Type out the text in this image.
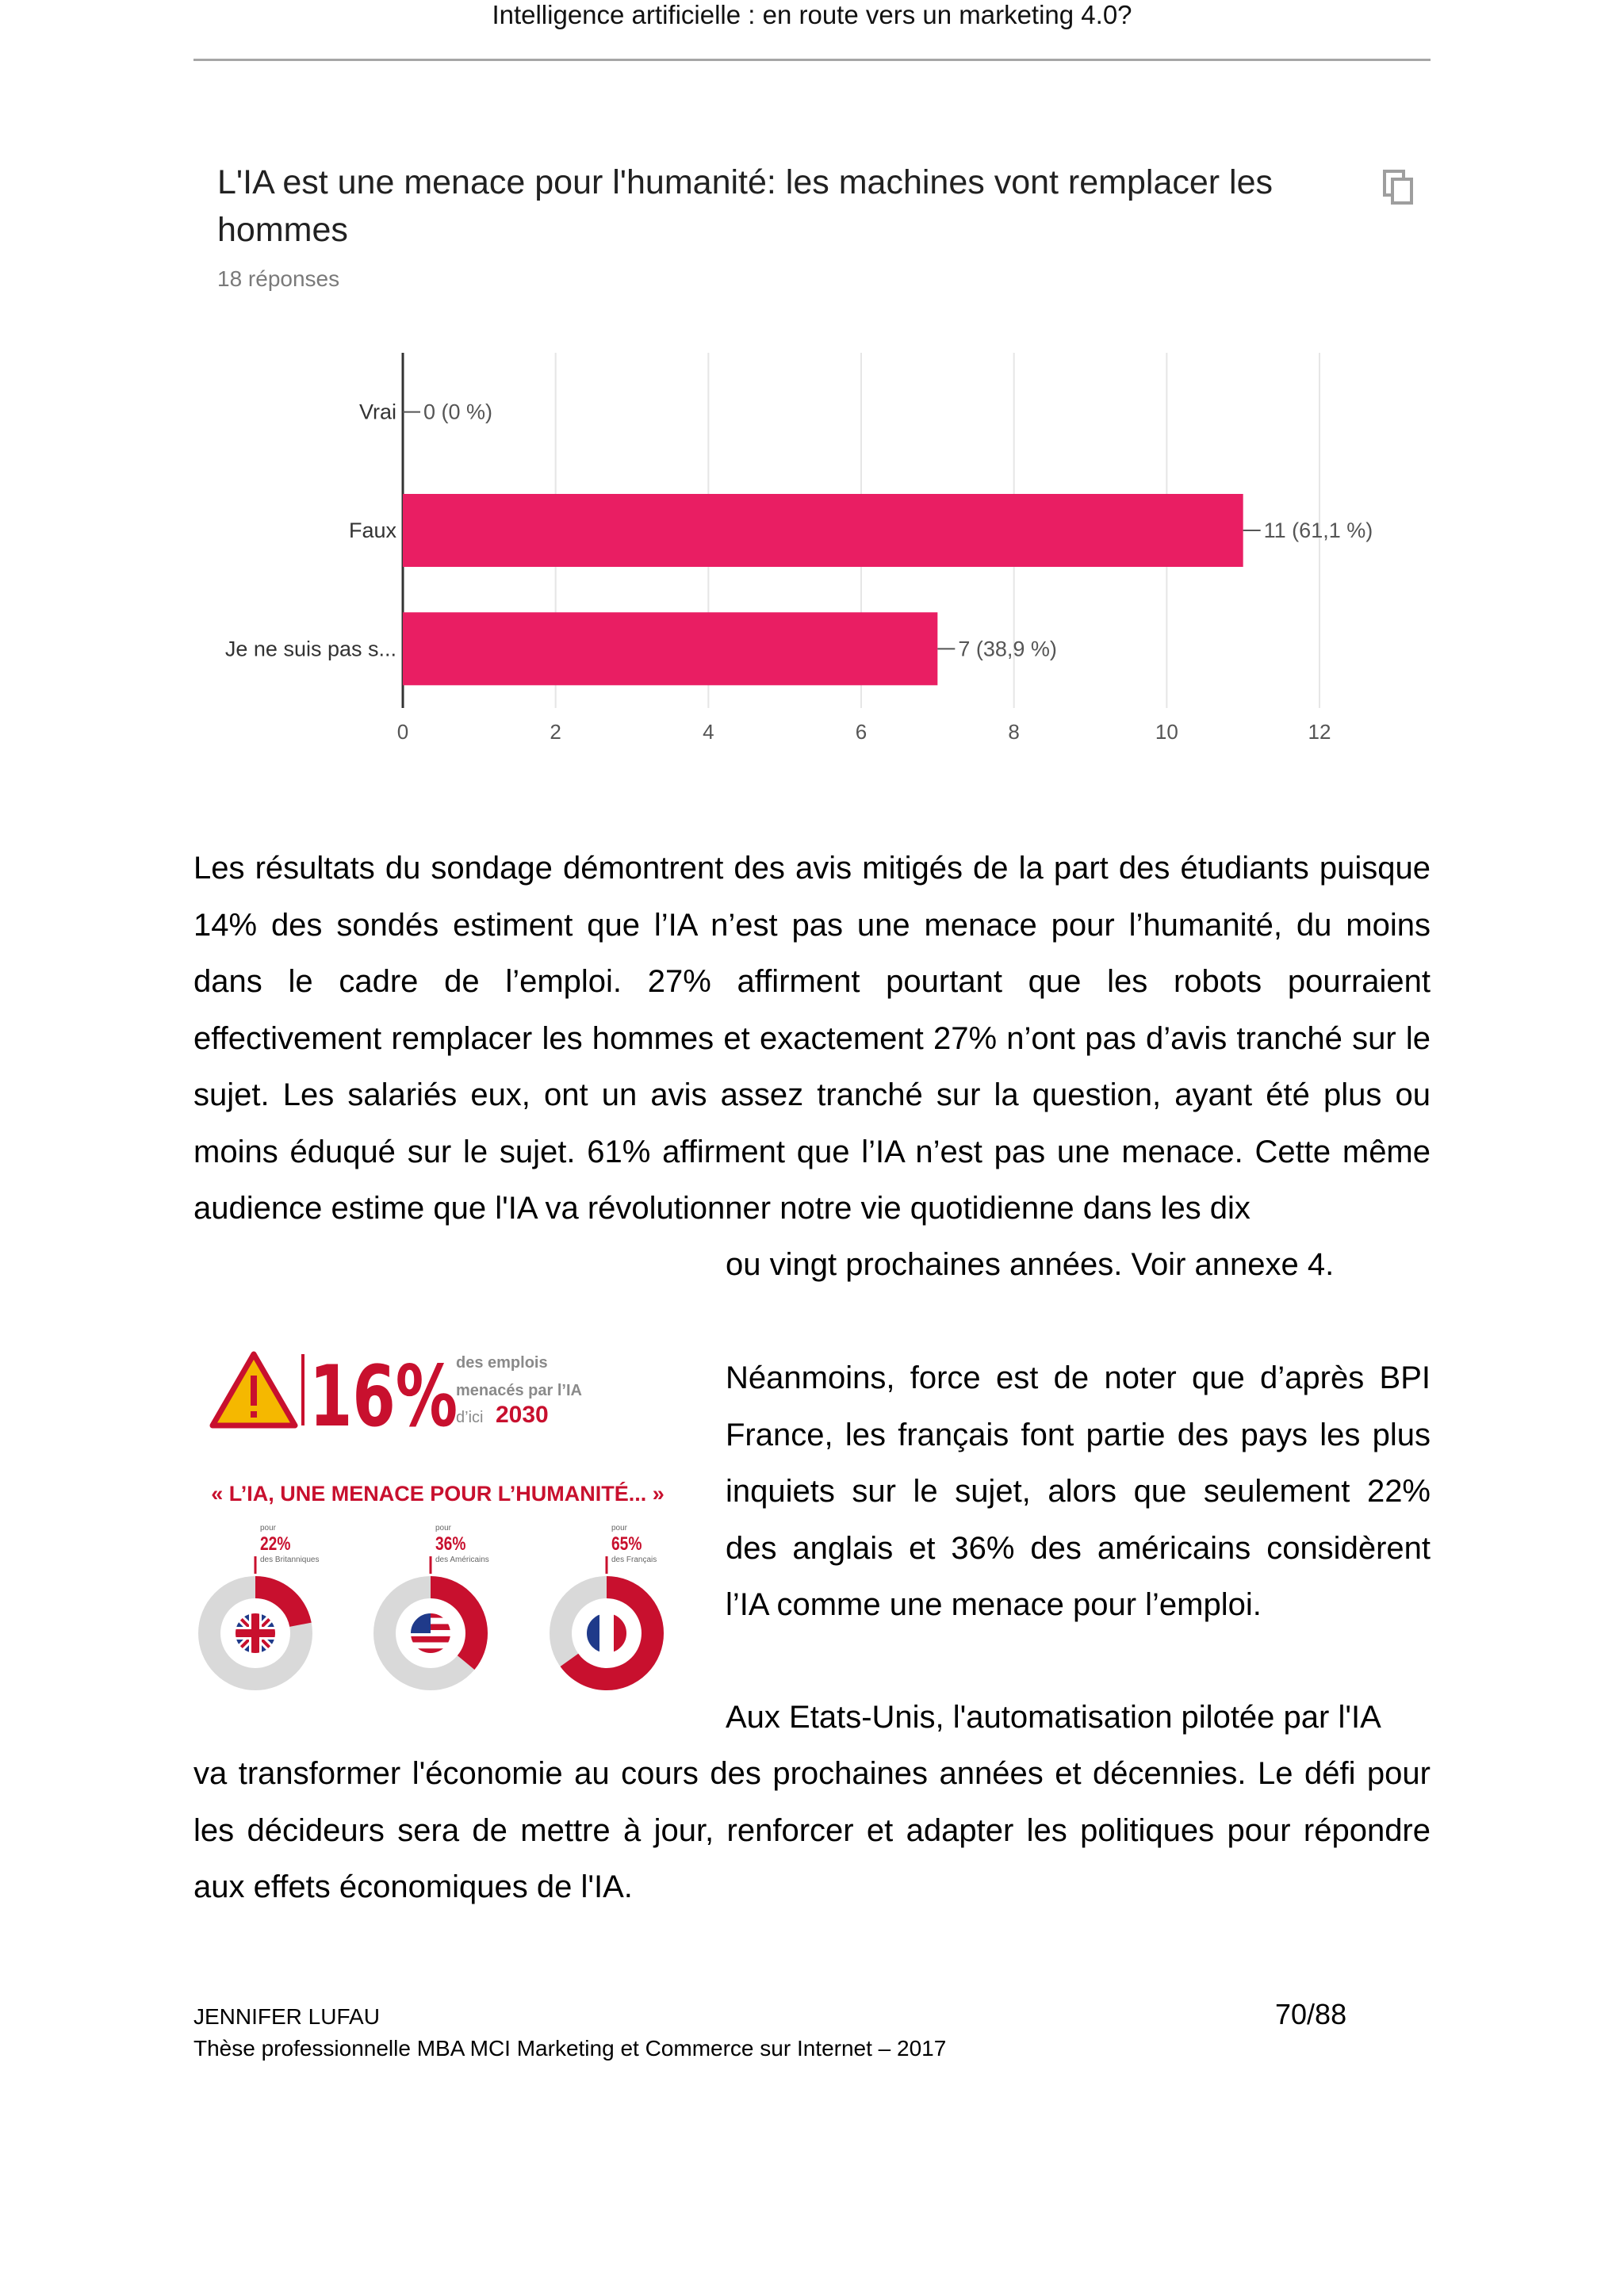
Intelligence artificielle : en route vers un marketing 4.0?
L'IA est une menace pour l'humanité: les machines vont remplacer les hommes
18 réponses
0	2	4	6	8	10	12
Vrai 0 (0 %)
Faux	11 (61,1 %)
Je ne suis pas s...	7 (38,9 %)

Les résultats du sondage démontrent des avis mitigés de la part des étudiants puisque 14% des sondés estiment que l’IA n’est pas une menace pour l’humanité, du moins dans le cadre de l’emploi. 27% affirment pourtant que les robots pourraient effectivement remplacer les hommes et exactement 27% n’ont pas d’avis tranché sur le sujet. Les salariés eux, ont un avis assez tranché sur la question, ayant été plus ou moins éduqué sur le sujet. 61% affirment que l’IA n’est pas une menace. Cette même audience estime que l'IA va révolutionner notre vie quotidienne dans les dix

ou vingt prochaines années. Voir annexe 4.

16%
des emplois
menacés par l’IA
d’ici 2030
« L’IA, UNE MENACE POUR L’HUMANITÉ... »
pour
22%
des Britanniques
pour
36%
des Américains
pour
65%
des Français

Néanmoins, force est de noter que d’après BPI France, les français font partie des pays les plus inquiets sur le sujet, alors que seulement 22% des anglais et 36% des américains considèrent l’IA comme une menace pour l’emploi.

Aux Etats-Unis, l'automatisation pilotée par l'IA

va transformer l'économie au cours des prochaines années et décennies. Le défi pour les décideurs sera de mettre à jour, renforcer et adapter les politiques pour répondre aux effets économiques de l'IA.

JENNIFER LUFAU
Thèse professionnelle MBA MCI Marketing et Commerce sur Internet – 2017
70/88
